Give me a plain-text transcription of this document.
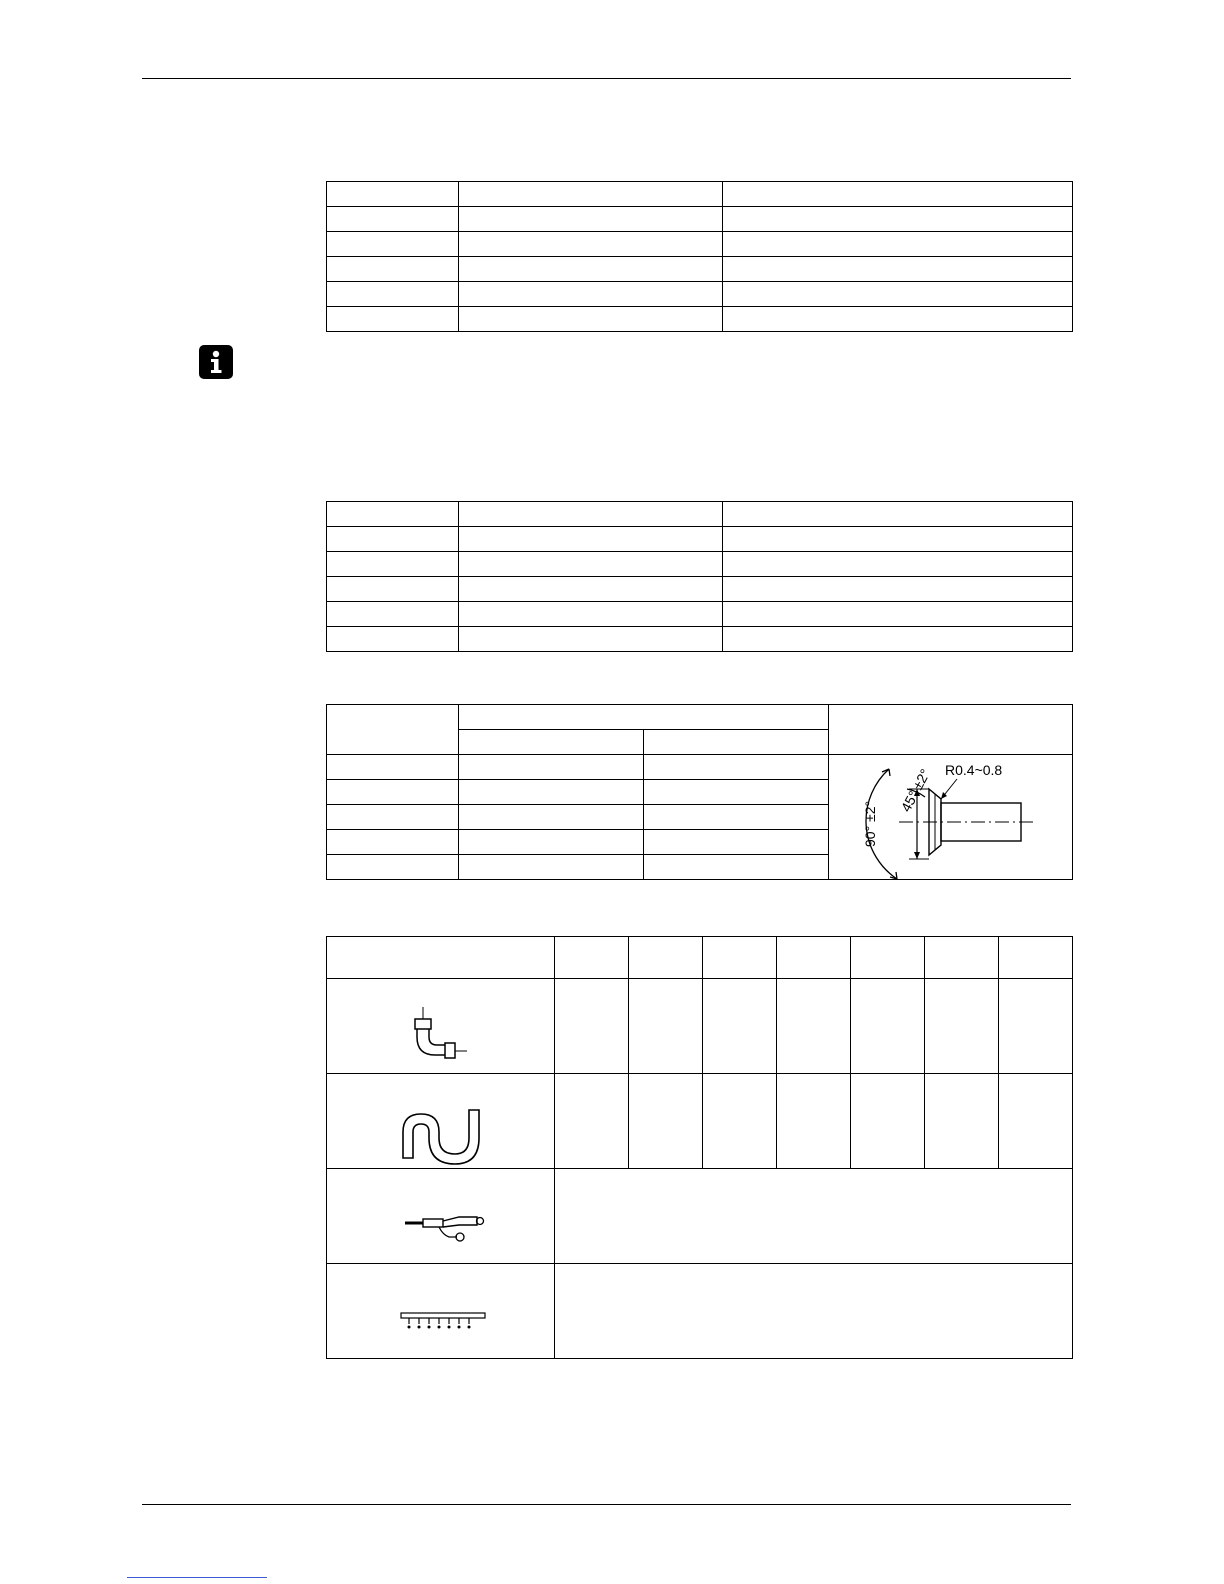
R0.4~0.8
90° ±2°
45° ±2°
